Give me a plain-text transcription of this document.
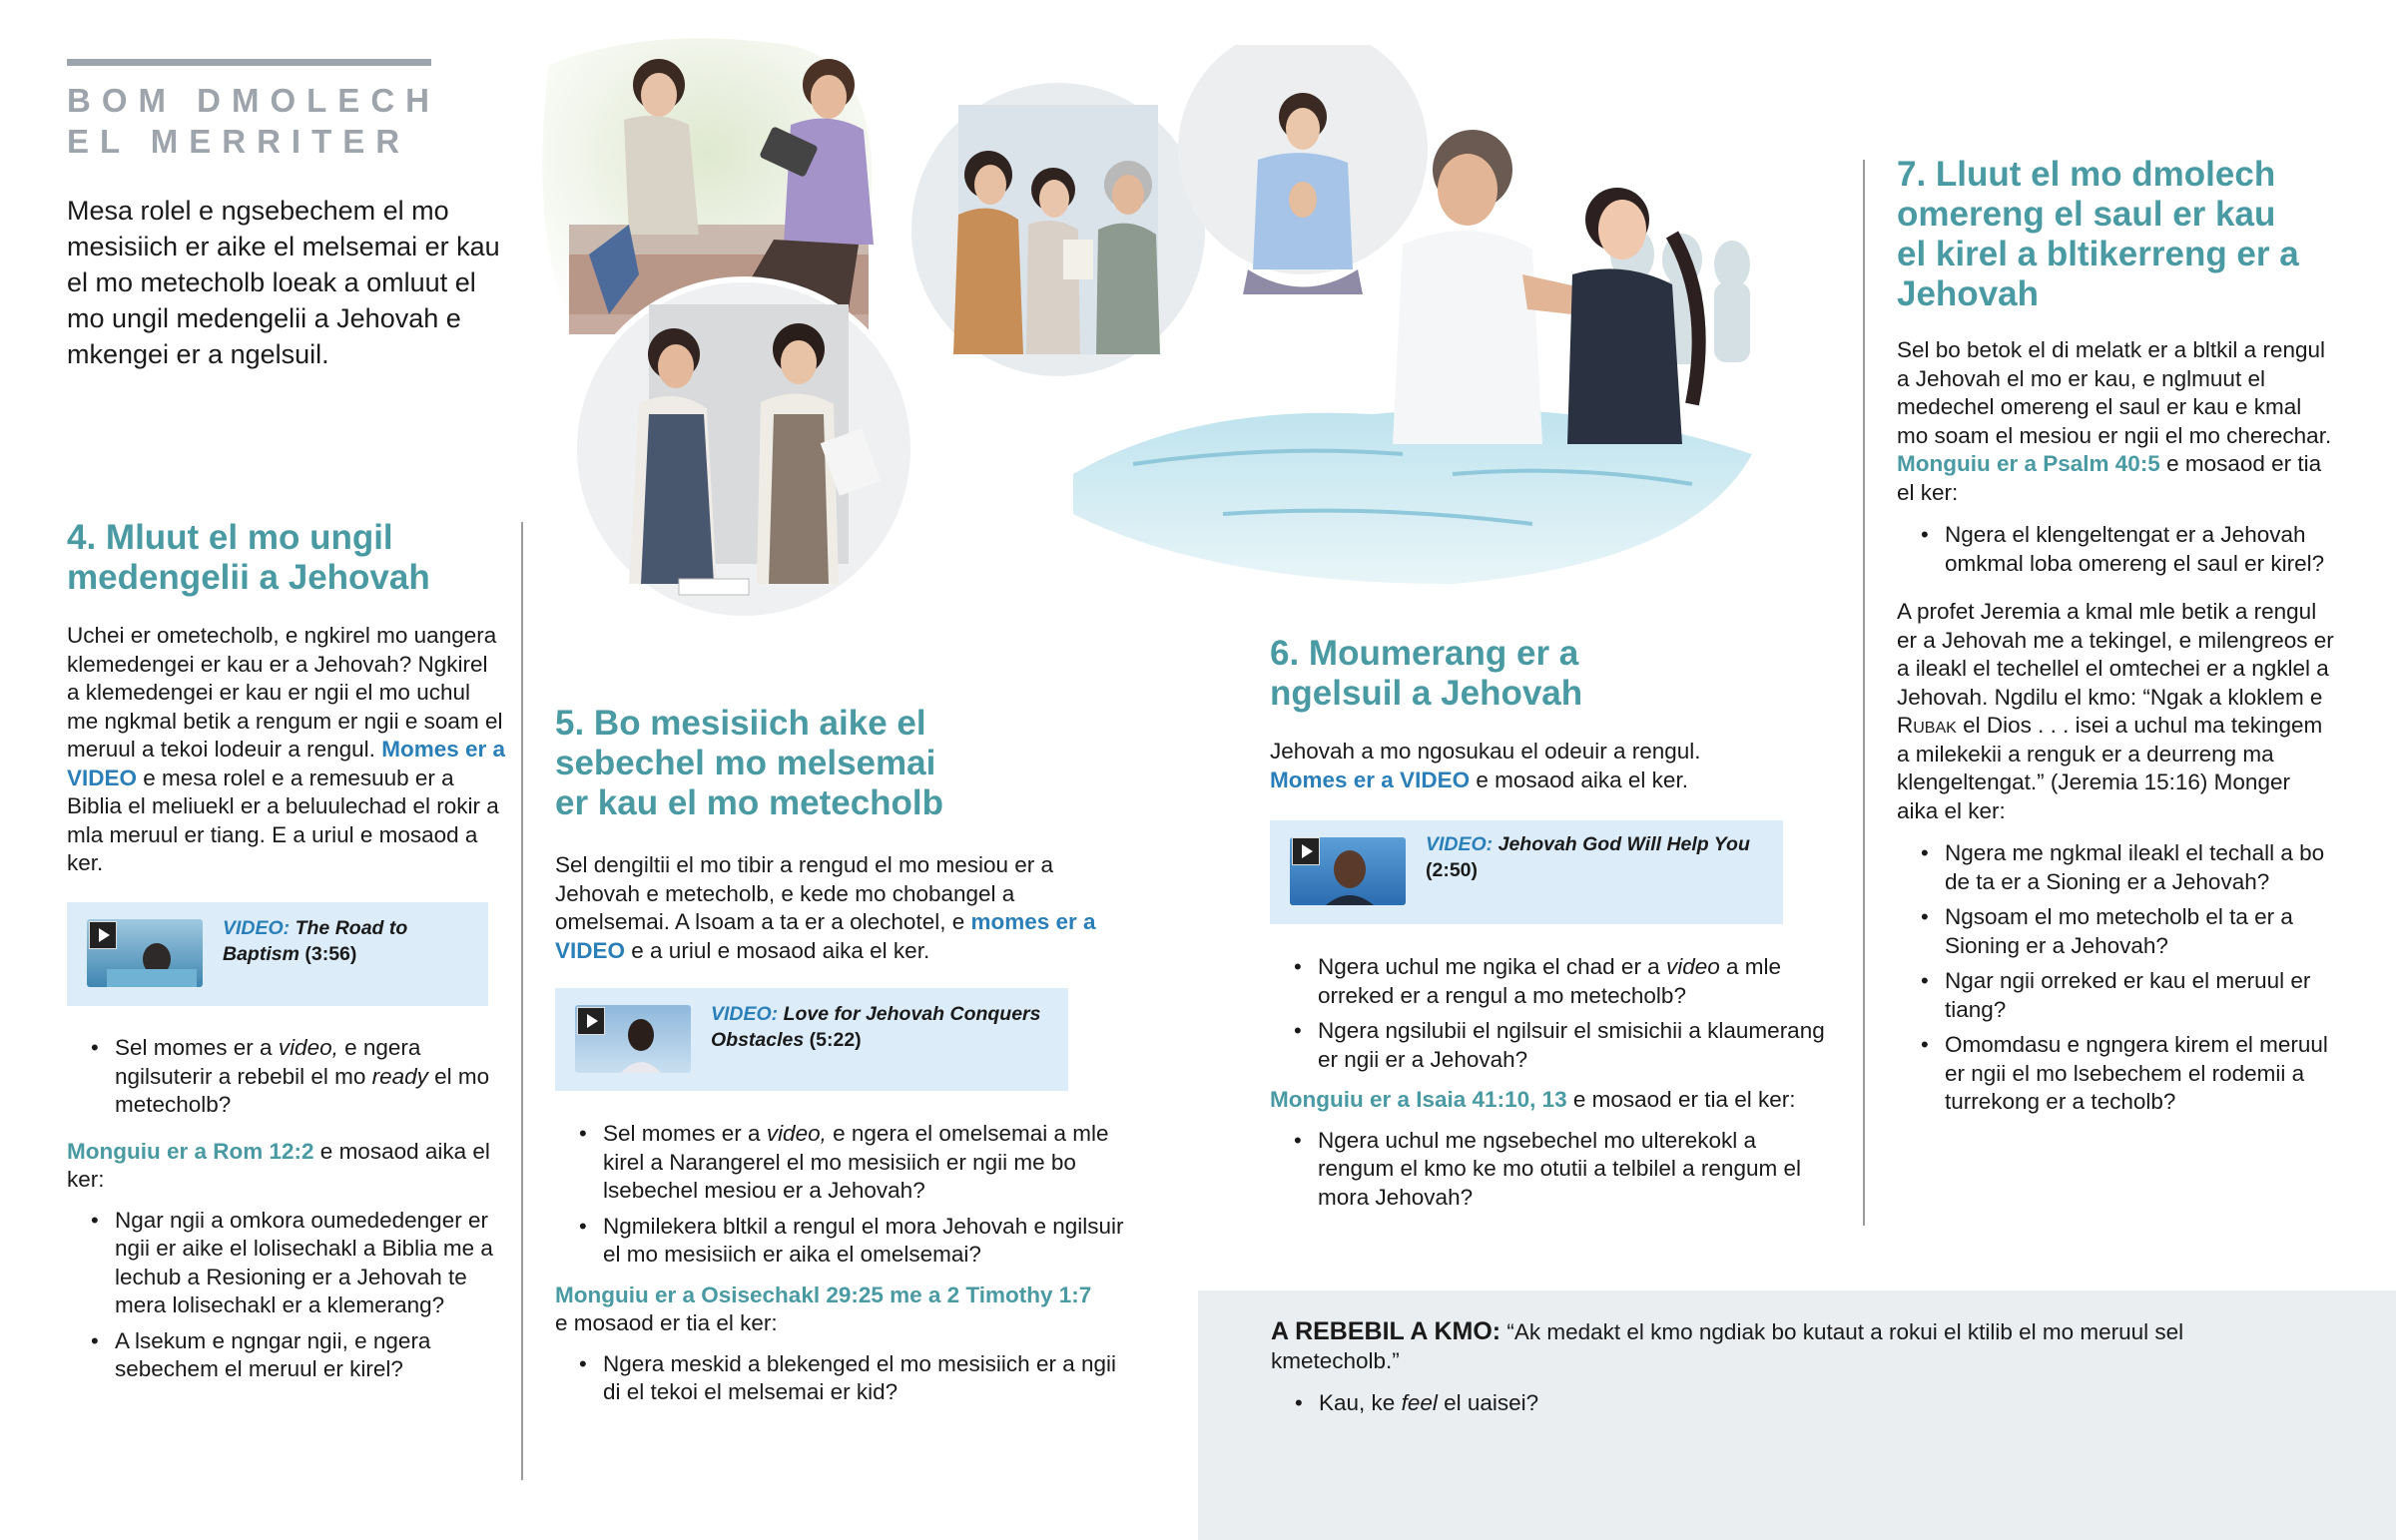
BOM DMOLECH
EL MERRITER
Mesa rolel e ngsebechem el mo mesisiich er aike el melsemai er kau el mo metecholb loeak a omluut el mo ungil medengelii a Jehovah e mkengei er a ngelsuil.
4. Mluut el mo ungil
medengelii a Jehovah

Uchei er ometecholb, e ngkirel mo uangera klemedengei er kau er a Jehovah? Ngkirel a klemedengei er kau er ngii el mo uchul me ngkmal betik a rengum er ngii e soam el meruul a tekoi lodeuir a rengul. Momes er a VIDEO e mesa rolel e a remesuub er a Biblia el meliuekl er a beluulechad el rokir a mla meruul er tiang. E a uriul e mosaod a ker.

VIDEO: The Road to Baptism (3:56)
• Sel momes er a video, e ngera ngilsuterir a rebebil el mo ready el mo metecholb?

Monguiu er a Rom 12:2 e mosaod aika el ker:

• Ngar ngii a omkora oumededenger er ngii er aike el lolisechakl a Biblia me a lechub a Resioning er a Jehovah te mera lolisechakl er a klemerang?
• A lsekum e ngngar ngii, e ngera sebechem el meruul er kirel?
5. Bo mesisiich aike el
sebechel mo melsemai
er kau el mo metecholb

Sel dengiltii el mo tibir a rengud el mo mesiou er a Jehovah e metecholb, e kede mo chobangel a omelsemai. A lsoam a ta er a olechotel, e momes er a VIDEO e a uriul e mosaod aika el ker.

VIDEO: Love for Jehovah Conquers Obstacles (5:22)
• Sel momes er a video, e ngera el omelsemai a mle kirel a Narangerel el mo mesisiich er ngii me bo lsebechel mesiou er a Jehovah?
• Ngmilekera bltkil a rengul el mora Jehovah e ngilsuir el mo mesisiich er aika el omelsemai?

Monguiu er a Osisechakl 29:25 me a 2 Timothy 1:7
e mosaod er tia el ker:

• Ngera meskid a blekenged el mo mesisiich er a ngii di el tekoi el melsemai er kid?
6. Moumerang er a
ngelsuil a Jehovah

Jehovah a mo ngosukau el odeuir a rengul.
Momes er a VIDEO e mosaod aika el ker.

VIDEO: Jehovah God Will Help You
(2:50)
• Ngera uchul me ngika el chad er a video a mle orreked er a rengul a mo metecholb?
• Ngera ngsilubii el ngilsuir el smisichii a klaumerang er ngii er a Jehovah?

Monguiu er a Isaia 41:10, 13 e mosaod er tia el ker:

• Ngera uchul me ngsebechel mo ulterekokl a rengum el kmo ke mo otutii a telbilel a rengum el mora Jehovah?
7. Lluut el mo dmolech
omereng el saul er kau
el kirel a bltikerreng er a
Jehovah

Sel bo betok el di melatk er a bltkil a rengul a Jehovah el mo er kau, e nglmuut el medechel omereng el saul er kau e kmal mo soam el mesiou er ngii el mo cherechar. Monguiu er a Psalm 40:5 e mosaod er tia el ker:

• Ngera el klengeltengat er a Jehovah omkmal loba omereng el saul er kirel?

A profet Jeremia a kmal mle betik a rengul er a Jehovah me a tekingel, e milengreos er a ileakl el techellel el omtechei er a ngklel a Jehovah. Ngdilu el kmo: “Ngak a kloklem e Rubak el Dios . . . isei a uchul ma tekingem a milekekii a renguk er a deurreng ma klengeltengat.” (Jeremia 15:16) Monger aika el ker:

• Ngera me ngkmal ileakl el techall a bo de ta er a Sioning er a Jehovah?
• Ngsoam el mo metecholb el ta er a Sioning er a Jehovah?
• Ngar ngii orreked er kau el meruul er tiang?
• Omomdasu e ngngera kirem el meruul er ngii el mo lsebechem el rodemii a turrekong er a techolb?
A REBEBIL A KMO: “Ak medakt el kmo ngdiak bo kutaut a rokui el ktilib el mo meruul sel kmetecholb.”
• Kau, ke feel el uaisei?
